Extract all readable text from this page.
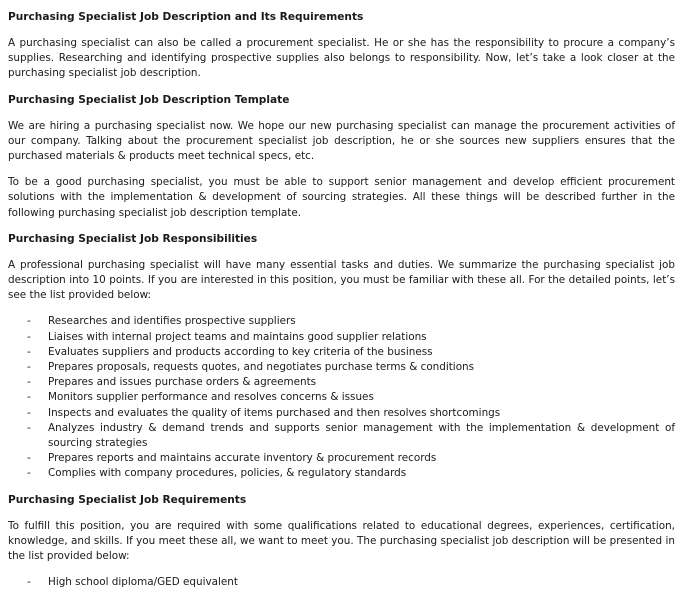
Purchasing Specialist Job Description and Its Requirements

A purchasing specialist can also be called a procurement specialist. He or she has the responsibility to procure a company’s supplies. Researching and identifying prospective supplies also belongs to responsibility. Now, let’s take a look closer at the purchasing specialist job description.

Purchasing Specialist Job Description Template

We are hiring a purchasing specialist now. We hope our new purchasing specialist can manage the procurement activities of our company. Talking about the procurement specialist job description, he or she sources new suppliers ensures that the purchased materials & products meet technical specs, etc.

To be a good purchasing specialist, you must be able to support senior management and develop efficient procurement solutions with the implementation & development of sourcing strategies. All these things will be described further in the following purchasing specialist job description template.

Purchasing Specialist Job Responsibilities

A professional purchasing specialist will have many essential tasks and duties. We summarize the purchasing specialist job description into 10 points. If you are interested in this position, you must be familiar with these all. For the detailed points, let’s see the list provided below:

- Researches and identifies prospective suppliers
- Liaises with internal project teams and maintains good supplier relations
- Evaluates suppliers and products according to key criteria of the business
- Prepares proposals, requests quotes, and negotiates purchase terms & conditions
- Prepares and issues purchase orders & agreements
- Monitors supplier performance and resolves concerns & issues
- Inspects and evaluates the quality of items purchased and then resolves shortcomings
- Analyzes industry & demand trends and supports senior management with the implementation & development of sourcing strategies
- Prepares reports and maintains accurate inventory & procurement records
- Complies with company procedures, policies, & regulatory standards
Purchasing Specialist Job Requirements

To fulfill this position, you are required with some qualifications related to educational degrees, experiences, certification, knowledge, and skills. If you meet these all, we want to meet you. The purchasing specialist job description will be presented in the list provided below:

- High school diploma/GED equivalent
